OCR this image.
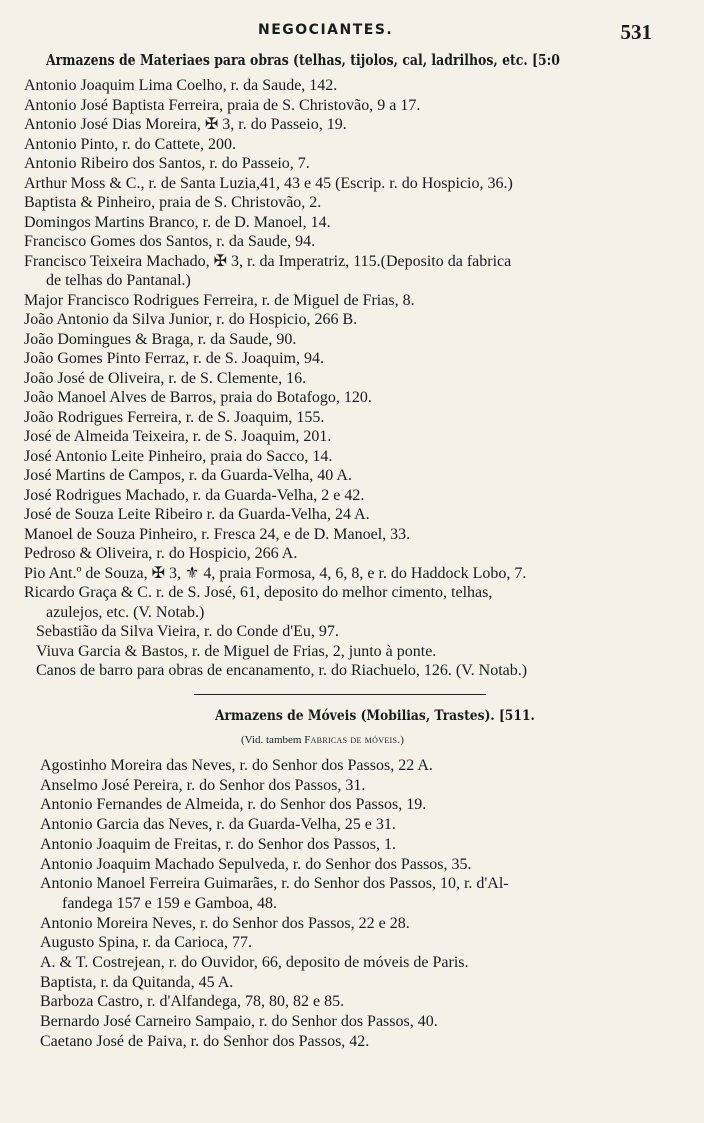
NEGOCIANTES.	531
Armazens de Materiaes para obras (telhas, tijolos, cal, ladrilhos, etc. [5:0
Antonio Joaquim Lima Coelho, r. da Saude, 142.
Antonio José Baptista Ferreira, praia de S. Christovão, 9 a 17.
Antonio José Dias Moreira, ✠ 3, r. do Passeio, 19.
Antonio Pinto, r. do Cattete, 200.
Antonio Ribeiro dos Santos, r. do Passeio, 7.
Arthur Moss & C., r. de Santa Luzia,41, 43 e 45 (Escrip. r. do Hospicio, 36.)
Baptista & Pinheiro, praia de S. Christovão, 2.
Domingos Martins Branco, r. de D. Manoel, 14.
Francisco Gomes dos Santos, r. da Saude, 94.
Francisco Teixeira Machado, ✠ 3, r. da Imperatriz, 115.(Deposito da fabrica
de telhas do Pantanal.)
Major Francisco Rodrigues Ferreira, r. de Miguel de Frias, 8.
João Antonio da Silva Junior, r. do Hospicio, 266 B.
João Domingues & Braga, r. da Saude, 90.
João Gomes Pinto Ferraz, r. de S. Joaquim, 94.
João José de Oliveira, r. de S. Clemente, 16.
João Manoel Alves de Barros, praia do Botafogo, 120.
João Rodrigues Ferreira, r. de S. Joaquim, 155.
José de Almeida Teixeira, r. de S. Joaquim, 201.
José Antonio Leite Pinheiro, praia do Sacco, 14.
José Martins de Campos, r. da Guarda-Velha, 40 A.
José Rodrigues Machado, r. da Guarda-Velha, 2 e 42.
José de Souza Leite Ribeiro r. da Guarda-Velha, 24 A.
Manoel de Souza Pinheiro, r. Fresca 24, e de D. Manoel, 33.
Pedroso & Oliveira, r. do Hospicio, 266 A.
Pio Ant.º de Souza, ✠ 3, ⚜ 4, praia Formosa, 4, 6, 8, e r. do Haddock Lobo, 7.
Ricardo Graça & C. r. de S. José, 61, deposito do melhor cimento, telhas,
azulejos, etc. (V. Notab.)
Sebastião da Silva Vieira, r. do Conde d'Eu, 97.
Viuva Garcia & Bastos, r. de Miguel de Frias, 2, junto à ponte.
Canos de barro para obras de encanamento, r. do Riachuelo, 126. (V. Notab.)
Armazens de Móveis (Mobilias, Trastes). [511.
(Vid. tambem Fabricas de móveis.)
Agostinho Moreira das Neves, r. do Senhor dos Passos, 22 A.
Anselmo José Pereira, r. do Senhor dos Passos, 31.
Antonio Fernandes de Almeida, r. do Senhor dos Passos, 19.
Antonio Garcia das Neves, r. da Guarda-Velha, 25 e 31.
Antonio Joaquim de Freitas, r. do Senhor dos Passos, 1.
Antonio Joaquim Machado Sepulveda, r. do Senhor dos Passos, 35.
Antonio Manoel Ferreira Guimarães, r. do Senhor dos Passos, 10, r. d'Al-
fandega 157 e 159 e Gamboa, 48.
Antonio Moreira Neves, r. do Senhor dos Passos, 22 e 28.
Augusto Spina, r. da Carioca, 77.
A. & T. Costrejean, r. do Ouvidor, 66, deposito de móveis de Paris.
Baptista, r. da Quitanda, 45 A.
Barboza Castro, r. d'Alfandega, 78, 80, 82 e 85.
Bernardo José Carneiro Sampaio, r. do Senhor dos Passos, 40.
Caetano José de Paiva, r. do Senhor dos Passos, 42.
